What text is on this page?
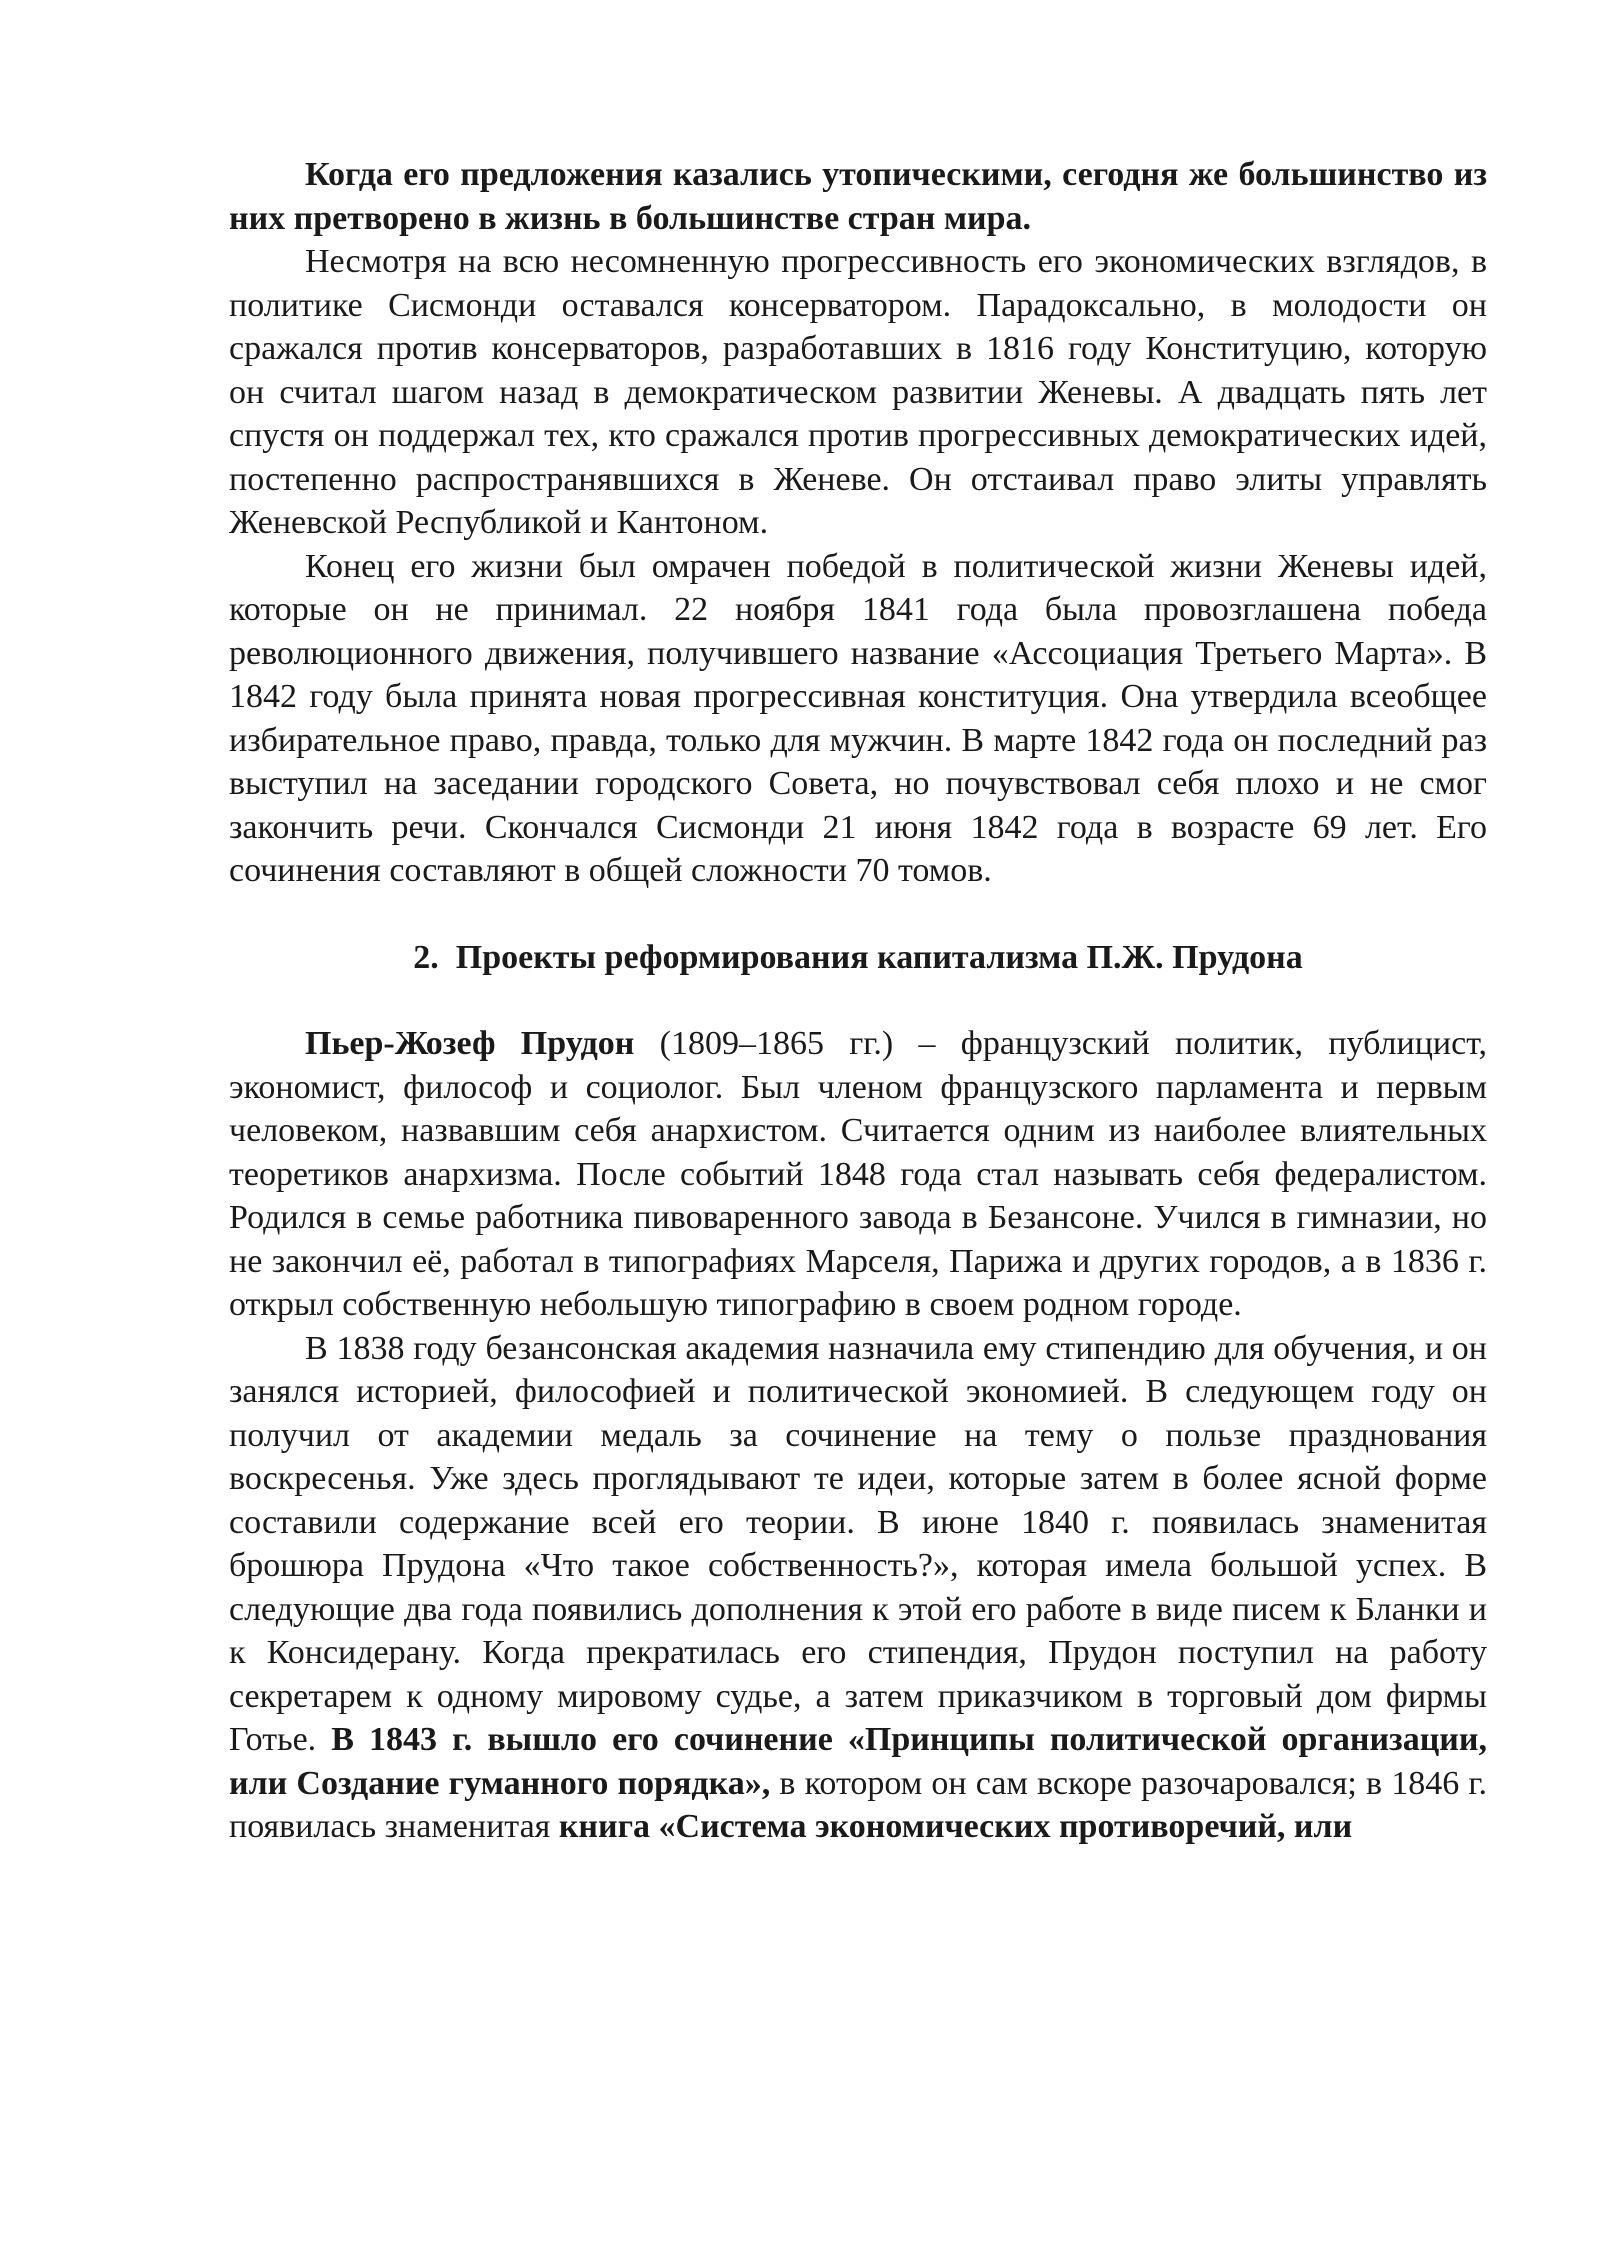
Когда его предложения казались утопическими, сегодня же большинство из них претворено в жизнь в большинстве стран мира.

Несмотря на всю несомненную прогрессивность его экономических взглядов, в политике Сисмонди оставался консерватором. Парадоксально, в молодости он сражался против консерваторов, разработавших в 1816 году Конституцию, которую он считал шагом назад в демократическом развитии Женевы. А двадцать пять лет спустя он поддержал тех, кто сражался против прогрессивных демократических идей, постепенно распространявшихся в Женеве. Он отстаивал право элиты управлять Женевской Республикой и Кантоном.

Конец его жизни был омрачен победой в политической жизни Женевы идей, которые он не принимал. 22 ноября 1841 года была провозглашена победа революционного движения, получившего название «Ассоциация Третьего Марта». В 1842 году была принята новая прогрессивная конституция. Она утвердила всеобщее избирательное право, правда, только для мужчин. В марте 1842 года он последний раз выступил на заседании городского Совета, но почувствовал себя плохо и не смог закончить речи. Скончался Сисмонди 21 июня 1842 года в возрасте 69 лет. Его сочинения составляют в общей сложности 70 томов.

2. Проекты реформирования капитализма П.Ж. Прудона

Пьер-Жозеф Прудон (1809–1865 гг.) – французский политик, публицист, экономист, философ и социолог. Был членом французского парламента и первым человеком, назвавшим себя анархистом. Считается одним из наиболее влиятельных теоретиков анархизма. После событий 1848 года стал называть себя федералистом. Родился в семье работника пивоваренного завода в Безансоне. Учился в гимназии, но не закончил её, работал в типографиях Марселя, Парижа и других городов, а в 1836 г. открыл собственную небольшую типографию в своем родном городе.

В 1838 году безансонская академия назначила ему стипендию для обучения, и он занялся историей, философией и политической экономией. В следующем году он получил от академии медаль за сочинение на тему о пользе празднования воскресенья. Уже здесь проглядывают те идеи, которые затем в более ясной форме составили содержание всей его теории. В июне 1840 г. появилась знаменитая брошюра Прудона «Что такое собственность?», которая имела большой успех. В следующие два года появились дополнения к этой его работе в виде писем к Бланки и к Консидерану. Когда прекратилась его стипендия, Прудон поступил на работу секретарем к одному мировому судье, а затем приказчиком в торговый дом фирмы Готье. В 1843 г. вышло его сочинение «Принципы политической организации, или Создание гуманного порядка», в котором он сам вскоре разочаровался; в 1846 г. появилась знаменитая книга «Система экономических противоречий, или
